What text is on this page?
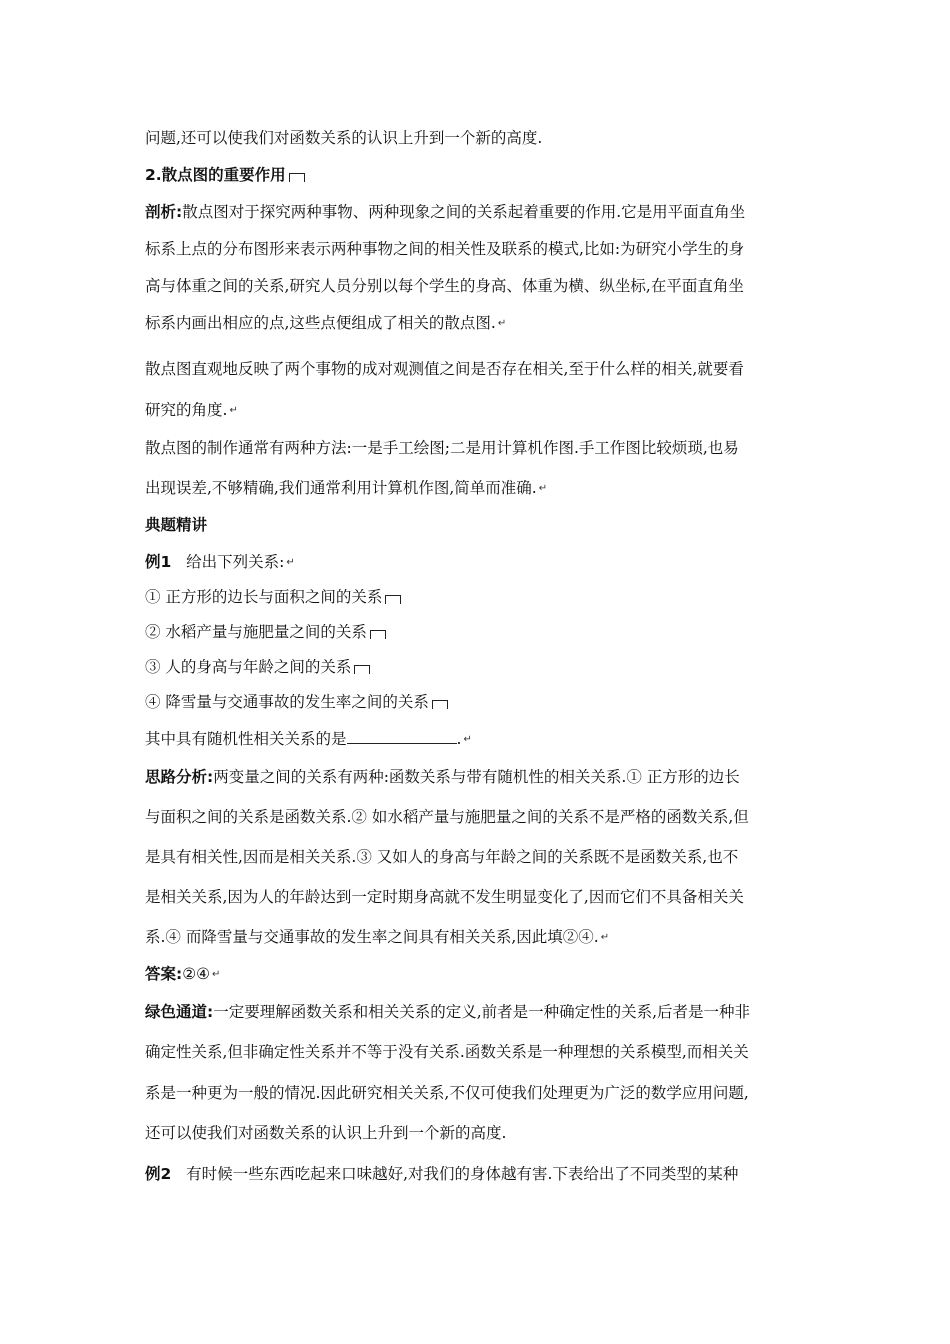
问题,还可以使我们对函数关系的认识上升到一个新的高度.

2.散点图的重要作用

剖析:散点图对于探究两种事物、两种现象之间的关系起着重要的作用.它是用平面直角坐

标系上点的分布图形来表示两种事物之间的相关性及联系的模式,比如:为研究小学生的身

高与体重之间的关系,研究人员分别以每个学生的身高、体重为横、纵坐标,在平面直角坐

标系内画出相应的点,这些点便组成了相关的散点图. ↵

散点图直观地反映了两个事物的成对观测值之间是否存在相关,至于什么样的相关,就要看

研究的角度. ↵

散点图的制作通常有两种方法:一是手工绘图;二是用计算机作图.手工作图比较烦琐,也易

出现误差,不够精确,我们通常利用计算机作图,简单而准确. ↵

典题精讲

例1 给出下列关系: ↵

① 正方形的边长与面积之间的关系

② 水稻产量与施肥量之间的关系

③ 人的身高与年龄之间的关系

④ 降雪量与交通事故的发生率之间的关系

其中具有随机性相关关系的是	. ↵

思路分析:两变量之间的关系有两种:函数关系与带有随机性的相关关系.① 正方形的边长

与面积之间的关系是函数关系.② 如水稻产量与施肥量之间的关系不是严格的函数关系,但

是具有相关性,因而是相关关系.③ 又如人的身高与年龄之间的关系既不是函数关系,也不

是相关关系,因为人的年龄达到一定时期身高就不发生明显变化了,因而它们不具备相关关

系.④ 而降雪量与交通事故的发生率之间具有相关关系,因此填②④. ↵

答案:②④ ↵

绿色通道:一定要理解函数关系和相关关系的定义,前者是一种确定性的关系,后者是一种非

确定性关系,但非确定性关系并不等于没有关系.函数关系是一种理想的关系模型,而相关关

系是一种更为一般的情况.因此研究相关关系,不仅可使我们处理更为广泛的数学应用问题,

还可以使我们对函数关系的认识上升到一个新的高度.

例2 有时候一些东西吃起来口味越好,对我们的身体越有害.下表给出了不同类型的某种
